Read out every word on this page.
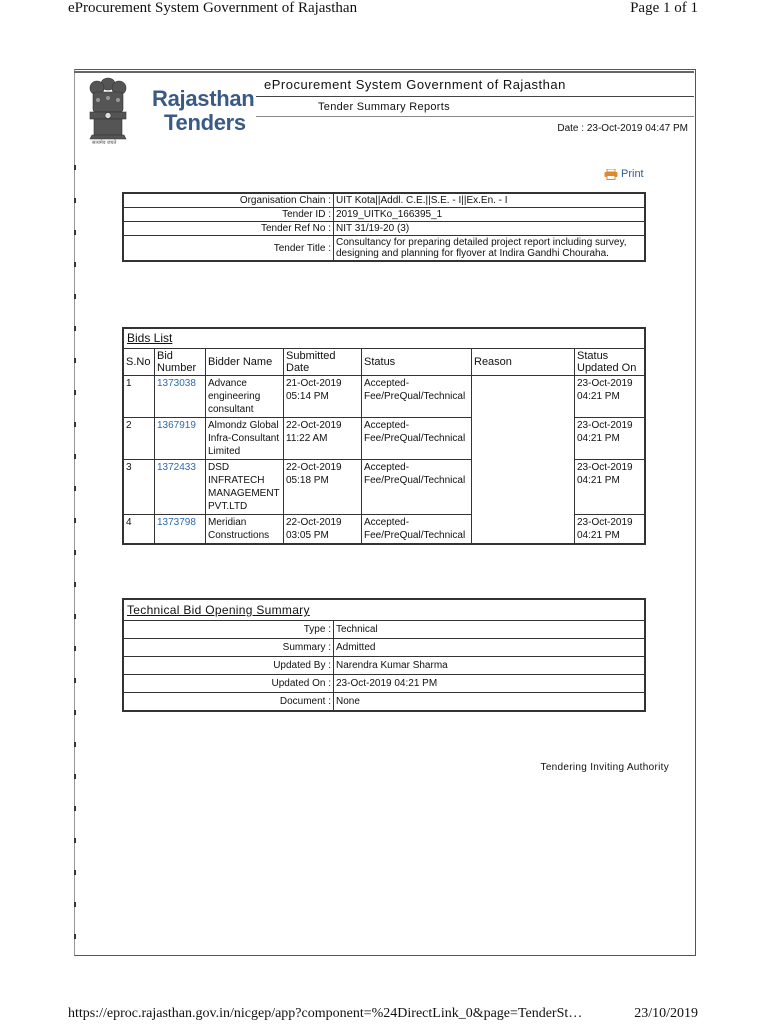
eProcurement System Government of Rajasthan	Page 1 of 1
Rajasthan
Tenders
सत्यमेव जयते
eProcurement System Government of Rajasthan
Tender Summary Reports
Date : 23-Oct-2019 04:47 PM
Print
Organisation Chain :	UIT Kota||Addl. C.E.||S.E. - I||Ex.En. - I
Tender ID :	2019_UITKo_166395_1
Tender Ref No :	NIT 31/19-20 (3)
Tender Title :	Consultancy for preparing detailed project report including survey, designing and planning for flyover at Indira Gandhi Chouraha.
Bids List						
S.No	Bid Number	Bidder Name	Submitted Date	Status	Reason	Status Updated On
1	1373038	Advance engineering consultant	21-Oct-2019 05:14 PM	Accepted-Fee/PreQual/Technical		23-Oct-2019 04:21 PM
2	1367919	Almondz Global Infra-Consultant Limited	22-Oct-2019 11:22 AM	Accepted-Fee/PreQual/Technical		23-Oct-2019 04:21 PM
3	1372433	DSD INFRATECH MANAGEMENT PVT.LTD	22-Oct-2019 05:18 PM	Accepted-Fee/PreQual/Technical		23-Oct-2019 04:21 PM
4	1373798	Meridian Constructions	22-Oct-2019 03:05 PM	Accepted-Fee/PreQual/Technical		23-Oct-2019 04:21 PM
Technical Bid Opening Summary	
Type :	Technical
Summary :	Admitted
Updated By :	Narendra Kumar Sharma
Updated On :	23-Oct-2019 04:21 PM
Document :	None
Tendering Inviting Authority
https://eproc.rajasthan.gov.in/nicgep/app?component=%24DirectLink_0&page=TenderSt…	23/10/2019
